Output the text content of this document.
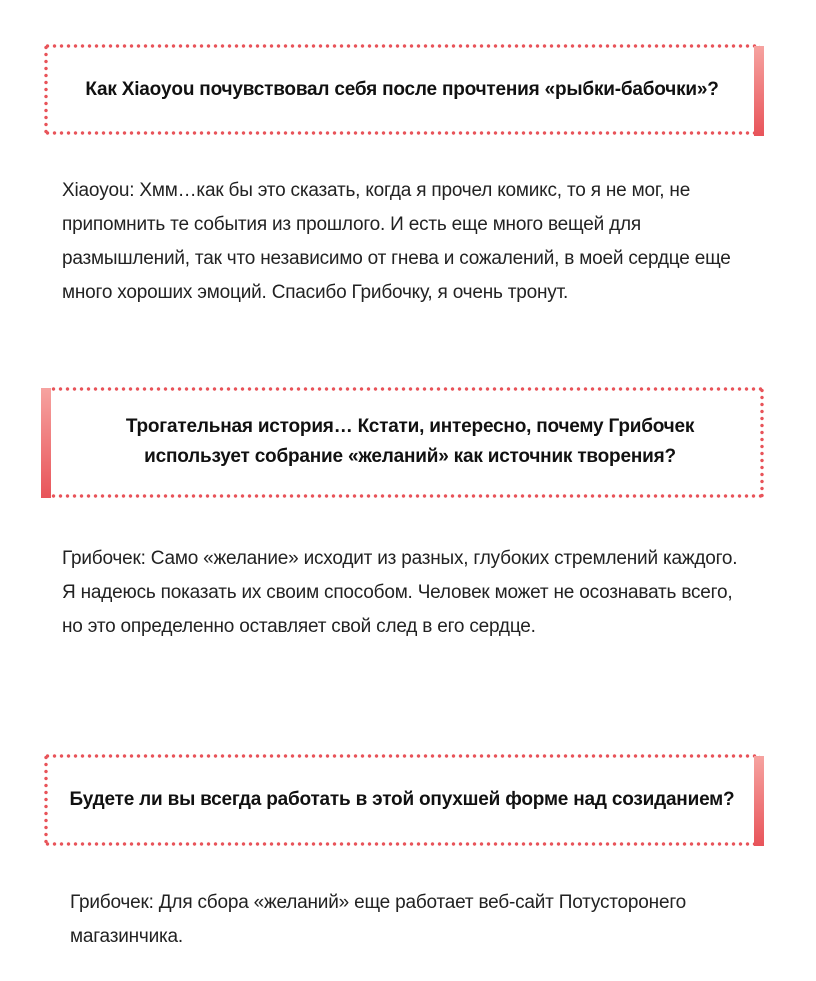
Как Xiaoyou почувствовал себя после прочтения «рыбки-бабочки»?
Xiaoyou: Хмм…как бы это сказать, когда я прочел комикс, то я не мог, не припомнить те события из прошлого. И есть еще много вещей для размышлений, так что независимо от гнева и сожалений, в моей сердце еще много хороших эмоций. Спасибо Грибочку, я очень тронут.
Трогательная история… Кстати, интересно, почему Грибочек использует собрание «желаний» как источник творения?
Грибочек: Само «желание» исходит из разных, глубоких стремлений каждого. Я надеюсь показать их своим способом. Человек может не осознавать всего, но это определенно оставляет свой след в его сердце.
Будете ли вы всегда работать в этой опухшей форме над созиданием?
Грибочек: Для сбора «желаний» еще работает веб-сайт Потусторонего магазинчика.
